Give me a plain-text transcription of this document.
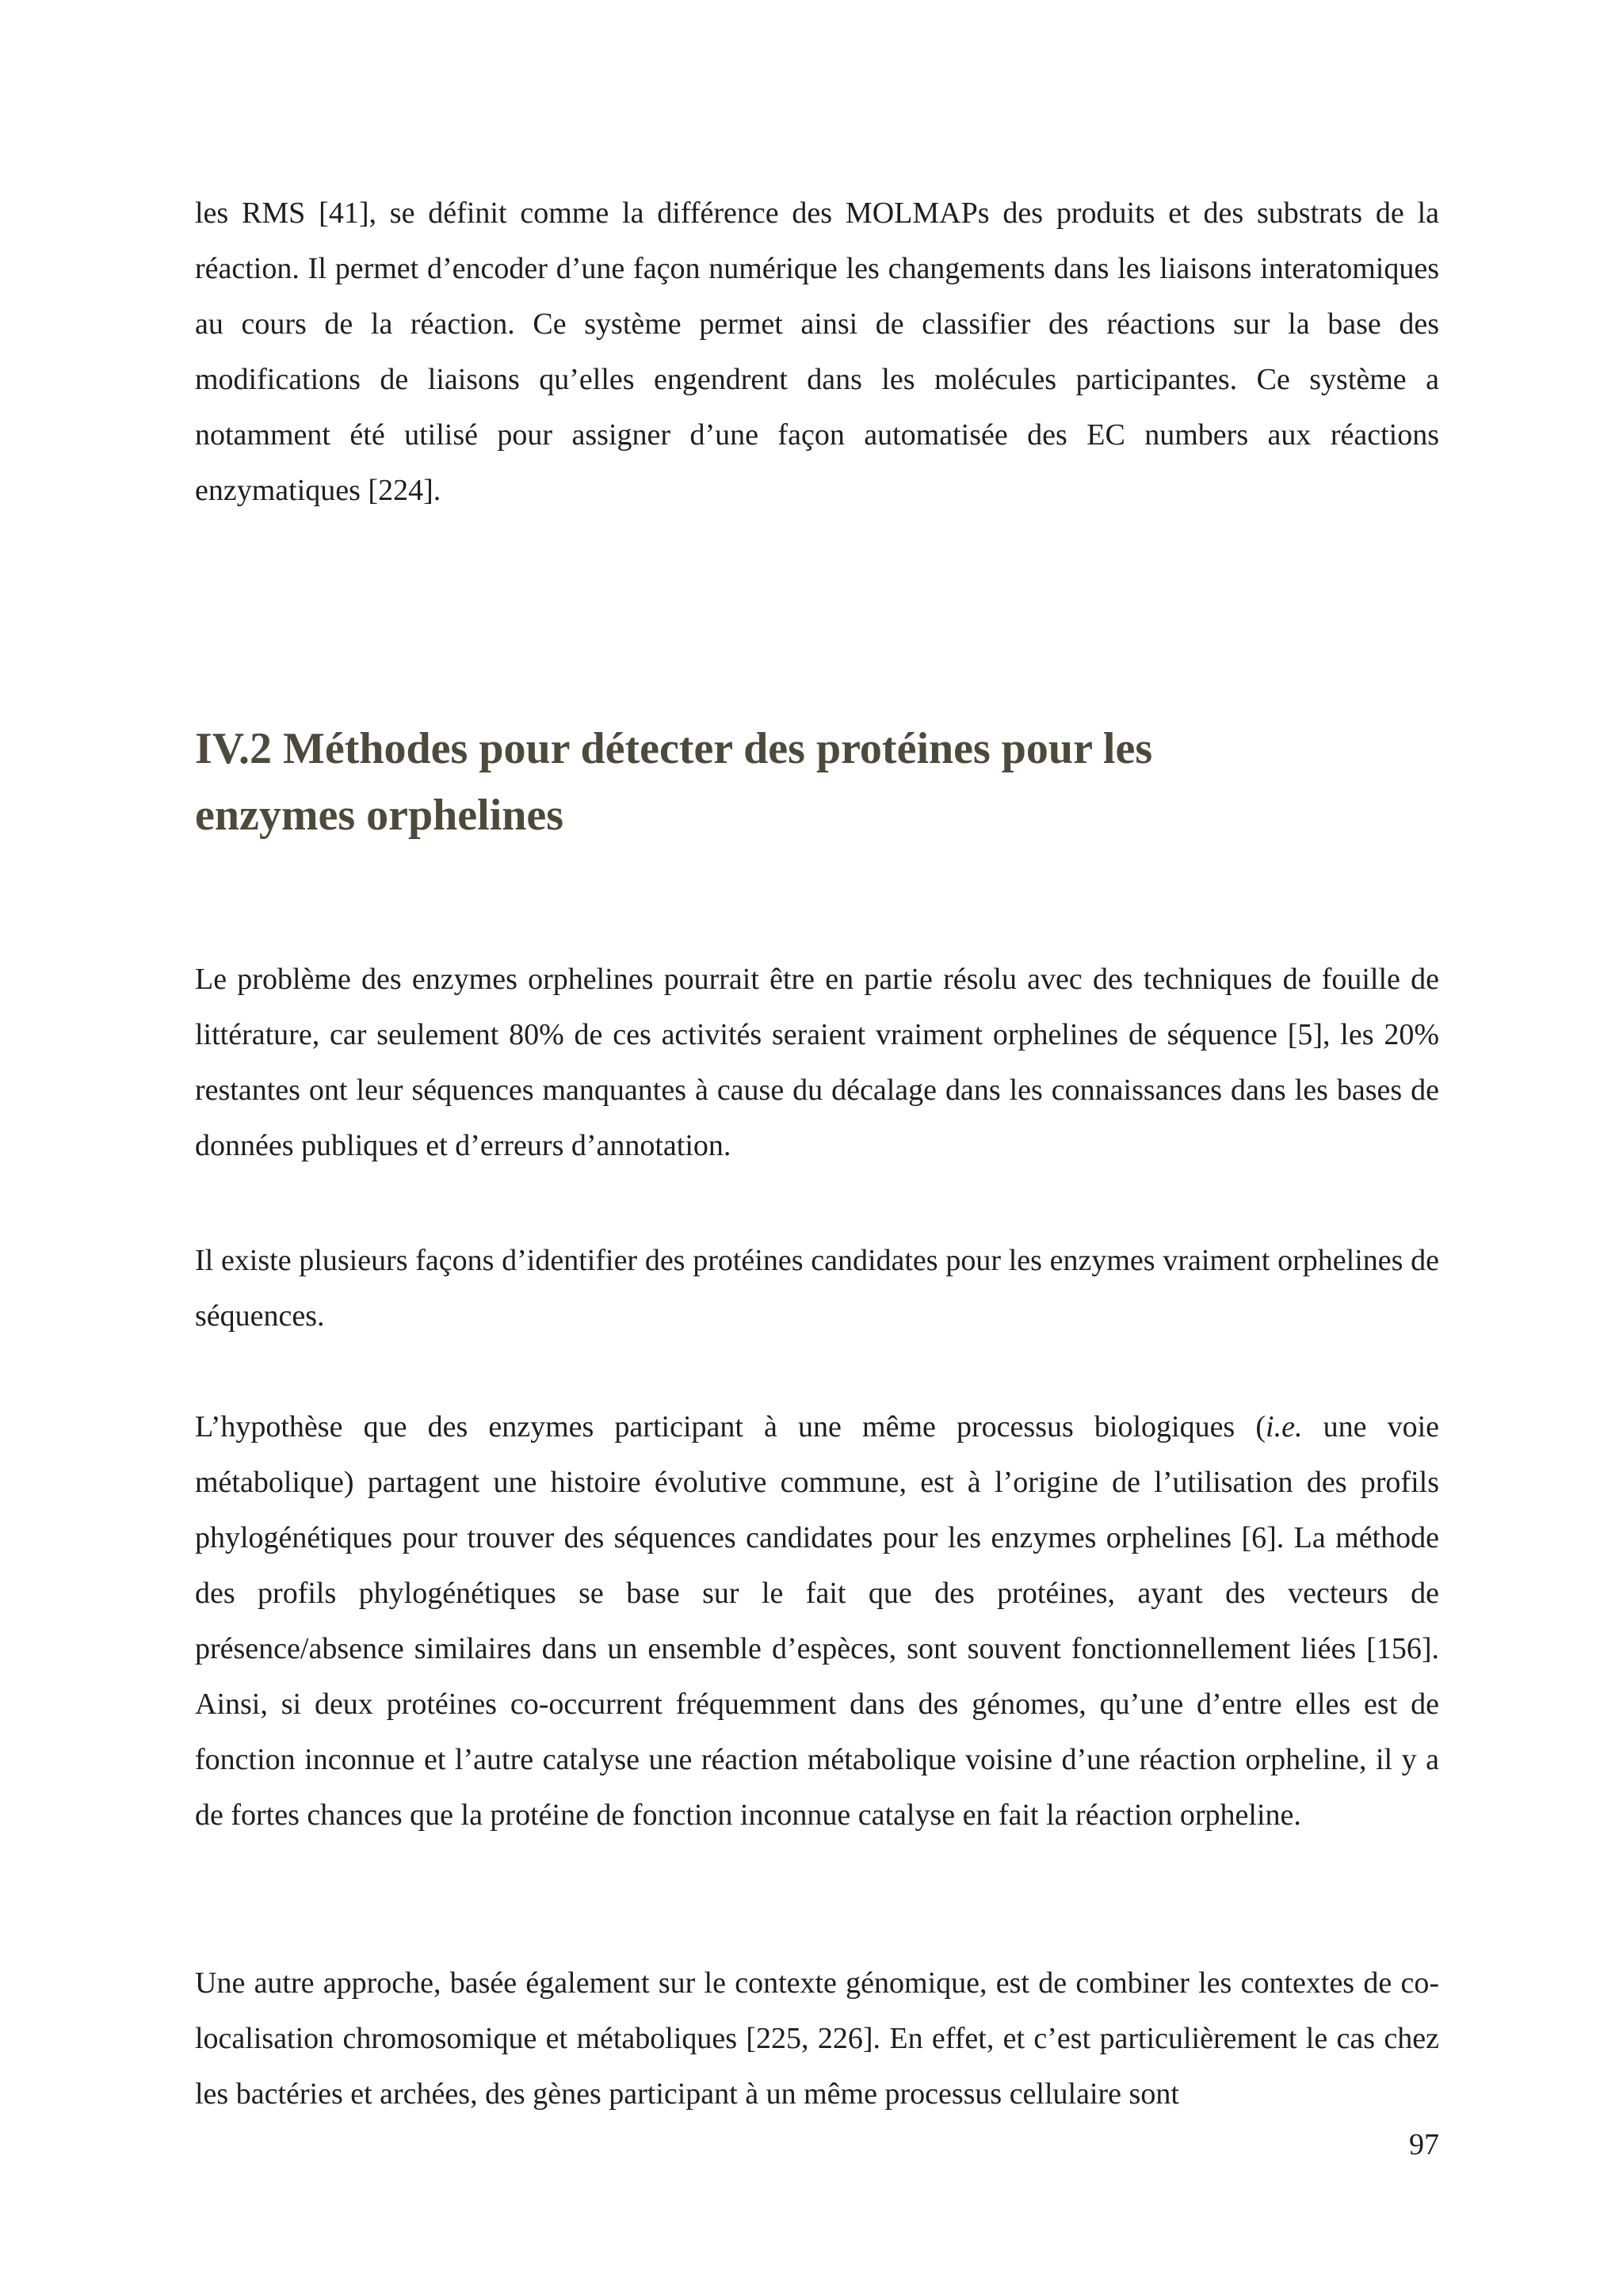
les RMS [41], se définit comme la différence des MOLMAPs des produits et des substrats de la réaction. Il permet d’encoder d’une façon numérique les changements dans les liaisons interatomiques au cours de la réaction. Ce système permet ainsi de classifier des réactions sur la base des modifications de liaisons qu’elles engendrent dans les molécules participantes. Ce système a notamment été utilisé pour assigner d’une façon automatisée des EC numbers aux réactions enzymatiques [224].

IV.2 Méthodes pour détecter des protéines pour les
enzymes orphelines

Le problème des enzymes orphelines pourrait être en partie résolu avec des techniques de fouille de littérature, car seulement 80% de ces activités seraient vraiment orphelines de séquence [5], les 20% restantes ont leur séquences manquantes à cause du décalage dans les connaissances dans les bases de données publiques et d’erreurs d’annotation.

Il existe plusieurs façons d’identifier des protéines candidates pour les enzymes vraiment orphelines de séquences.

L’hypothèse que des enzymes participant à une même processus biologiques (i.e. une voie métabolique) partagent une histoire évolutive commune, est à l’origine de l’utilisation des profils phylogénétiques pour trouver des séquences candidates pour les enzymes orphelines [6]. La méthode des profils phylogénétiques se base sur le fait que des protéines, ayant des vecteurs de présence/absence similaires dans un ensemble d’espèces, sont souvent fonctionnellement liées [156]. Ainsi, si deux protéines co-occurrent fréquemment dans des génomes, qu’une d’entre elles est de fonction inconnue et l’autre catalyse une réaction métabolique voisine d’une réaction orpheline, il y a de fortes chances que la protéine de fonction inconnue catalyse en fait la réaction orpheline.

Une autre approche, basée également sur le contexte génomique, est de combiner les contextes de co-localisation chromosomique et métaboliques [225, 226]. En effet, et c’est particulièrement le cas chez les bactéries et archées, des gènes participant à un même processus cellulaire sont

97
